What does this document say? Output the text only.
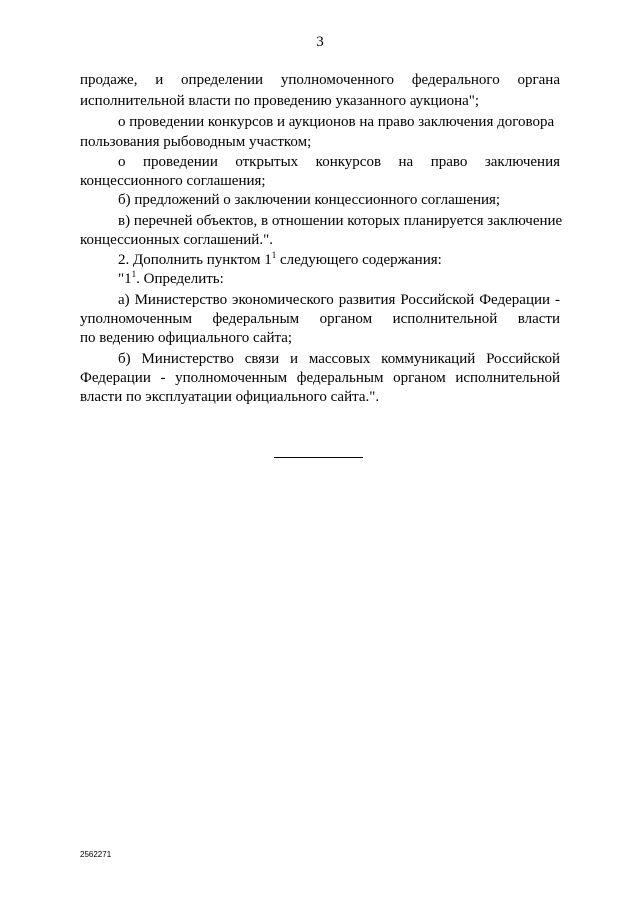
3
продаже, и определении уполномоченного федерального органа
исполнительной власти по проведению указанного аукциона";
о проведении конкурсов и аукционов на право заключения договора
пользования рыбоводным участком;
о проведении открытых конкурсов на право заключения
концессионного соглашения;
б) предложений о заключении концессионного соглашения;
в) перечней объектов, в отношении которых планируется заключение
концессионных соглашений.".
2. Дополнить пунктом $1^1$ следующего содержания:
"$1^1$. Определить:
а) Министерство экономического развития Российской Федерации -
уполномоченным федеральным органом исполнительной власти
по ведению официального сайта;
б) Министерство связи и массовых коммуникаций Российской
Федерации - уполномоченным федеральным органом исполнительной
власти по эксплуатации официального сайта.".
2562271
